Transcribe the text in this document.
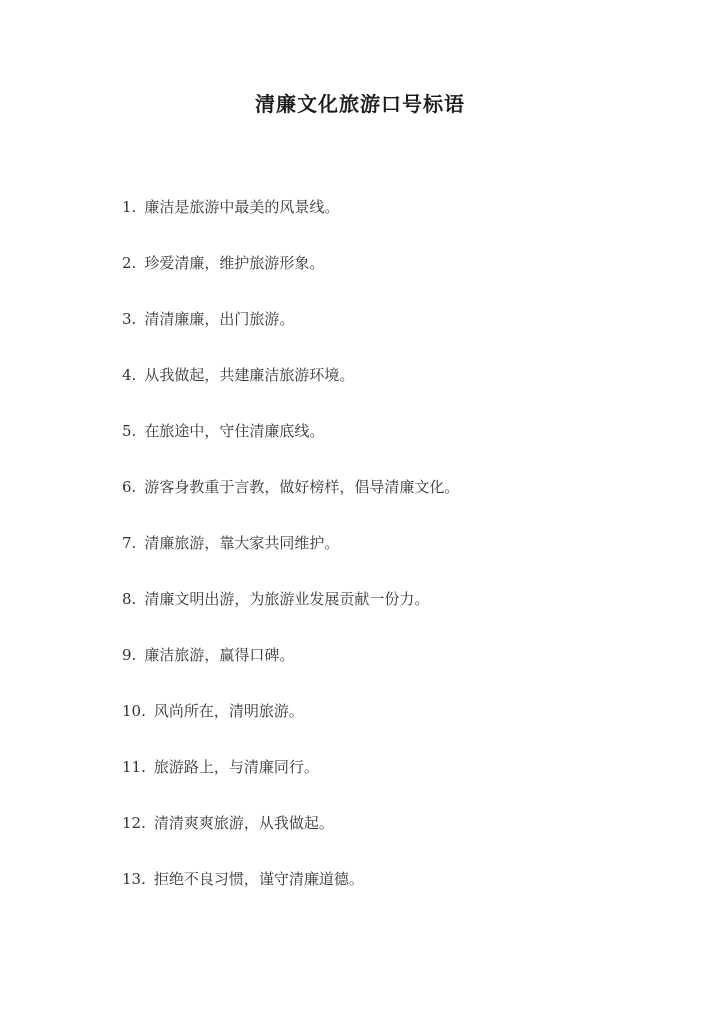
清廉文化旅游口号标语
1. 廉洁是旅游中最美的风景线。
2. 珍爱清廉，维护旅游形象。
3. 清清廉廉，出门旅游。
4. 从我做起，共建廉洁旅游环境。
5. 在旅途中，守住清廉底线。
6. 游客身教重于言教，做好榜样，倡导清廉文化。
7. 清廉旅游，靠大家共同维护。
8. 清廉文明出游，为旅游业发展贡献一份力。
9. 廉洁旅游，赢得口碑。
10. 风尚所在，清明旅游。
11. 旅游路上，与清廉同行。
12. 清清爽爽旅游，从我做起。
13. 拒绝不良习惯，谨守清廉道德。
